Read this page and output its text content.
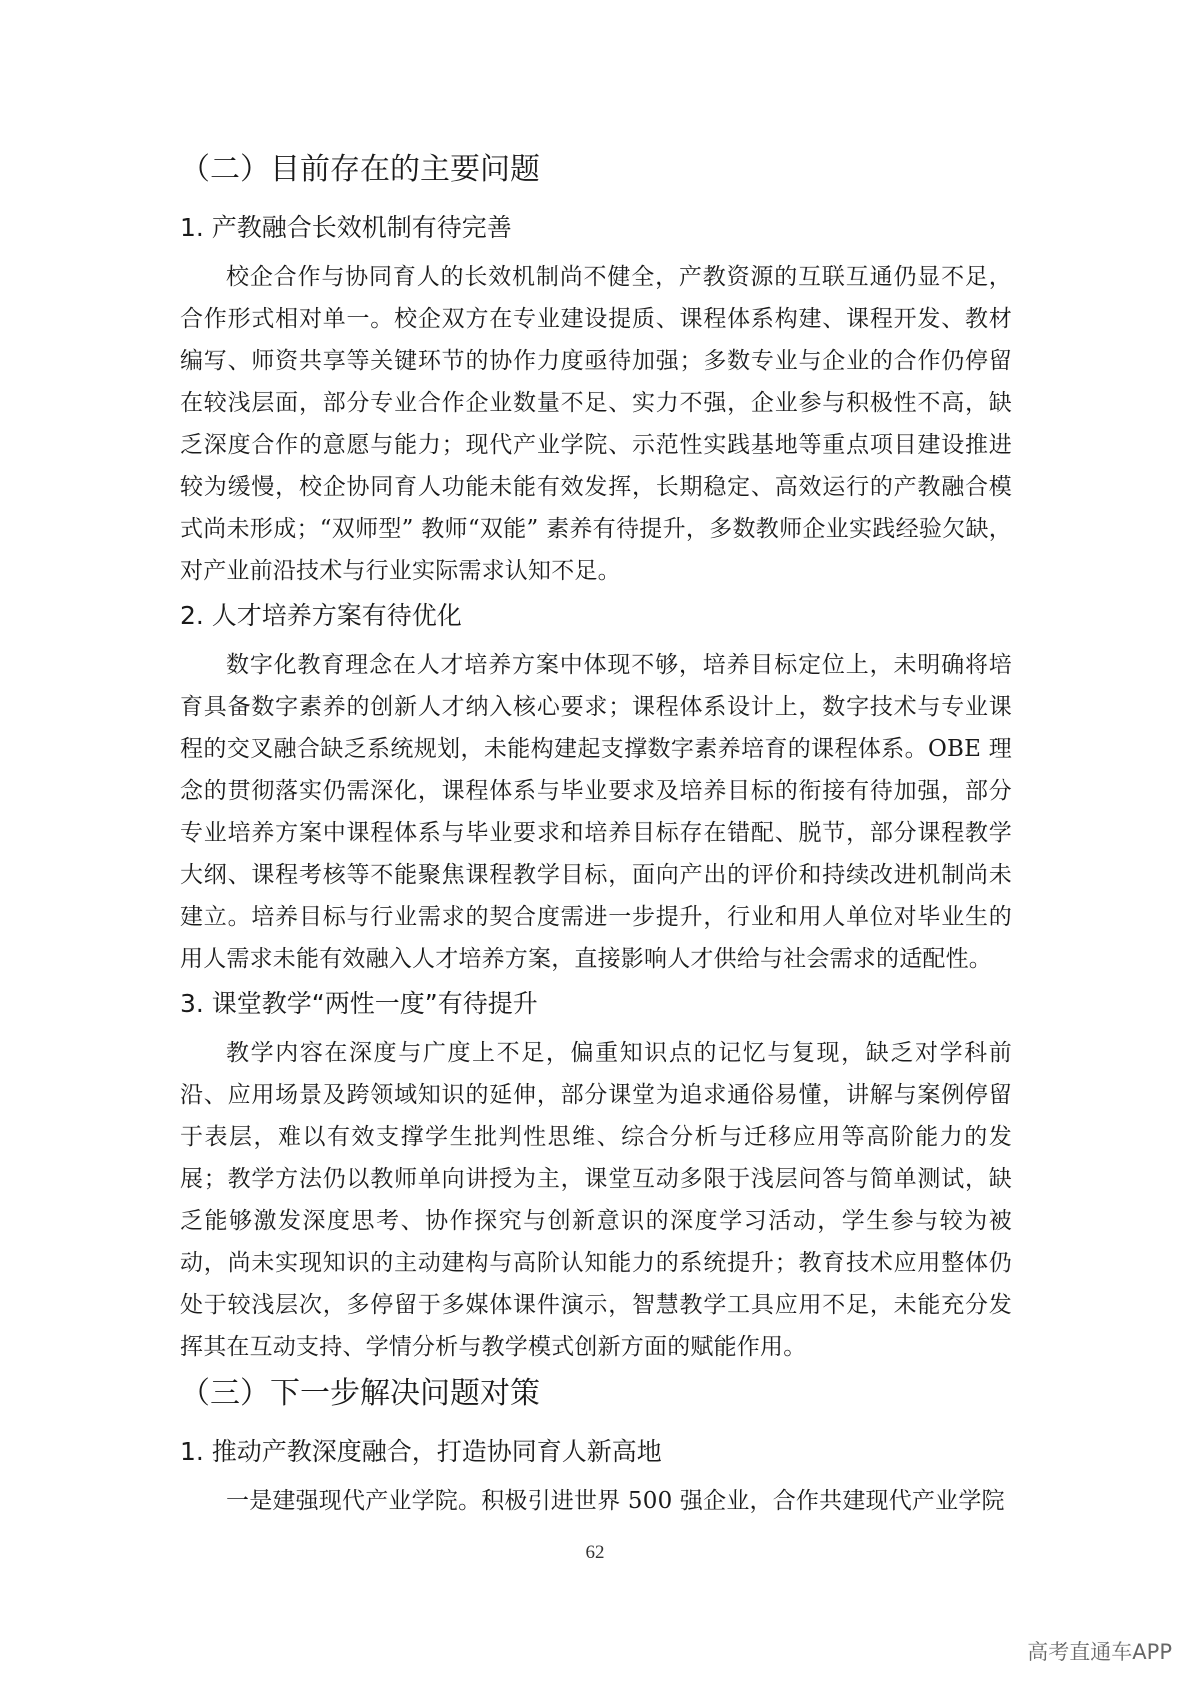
（二）目前存在的主要问题
1. 产教融合长效机制有待完善

校企合作与协同育人的长效机制尚不健全，产教资源的互联互通仍显不足，合作形式相对单一。校企双方在专业建设提质、课程体系构建、课程开发、教材编写、师资共享等关键环节的协作力度亟待加强；多数专业与企业的合作仍停留在较浅层面，部分专业合作企业数量不足、实力不强，企业参与积极性不高，缺乏深度合作的意愿与能力；现代产业学院、示范性实践基地等重点项目建设推进较为缓慢，校企协同育人功能未能有效发挥，长期稳定、高效运行的产教融合模式尚未形成；“双师型” 教师“双能” 素养有待提升，多数教师企业实践经验欠缺，对产业前沿技术与行业实际需求认知不足。

2. 人才培养方案有待优化

数字化教育理念在人才培养方案中体现不够，培养目标定位上，未明确将培育具备数字素养的创新人才纳入核心要求；课程体系设计上，数字技术与专业课程的交叉融合缺乏系统规划，未能构建起支撑数字素养培育的课程体系。OBE 理念的贯彻落实仍需深化，课程体系与毕业要求及培养目标的衔接有待加强，部分专业培养方案中课程体系与毕业要求和培养目标存在错配、脱节，部分课程教学大纲、课程考核等不能聚焦课程教学目标，面向产出的评价和持续改进机制尚未建立。培养目标与行业需求的契合度需进一步提升，行业和用人单位对毕业生的用人需求未能有效融入人才培养方案，直接影响人才供给与社会需求的适配性。

3. 课堂教学“两性一度”有待提升

教学内容在深度与广度上不足，偏重知识点的记忆与复现，缺乏对学科前沿、应用场景及跨领域知识的延伸，部分课堂为追求通俗易懂，讲解与案例停留于表层，难以有效支撑学生批判性思维、综合分析与迁移应用等高阶能力的发展；教学方法仍以教师单向讲授为主，课堂互动多限于浅层问答与简单测试，缺乏能够激发深度思考、协作探究与创新意识的深度学习活动，学生参与较为被动，尚未实现知识的主动建构与高阶认知能力的系统提升；教育技术应用整体仍处于较浅层次，多停留于多媒体课件演示，智慧教学工具应用不足，未能充分发挥其在互动支持、学情分析与教学模式创新方面的赋能作用。

（三）下一步解决问题对策
1. 推动产教深度融合，打造协同育人新高地

一是建强现代产业学院。积极引进世界 500 强企业，合作共建现代产业学院

62
高考直通车APP
